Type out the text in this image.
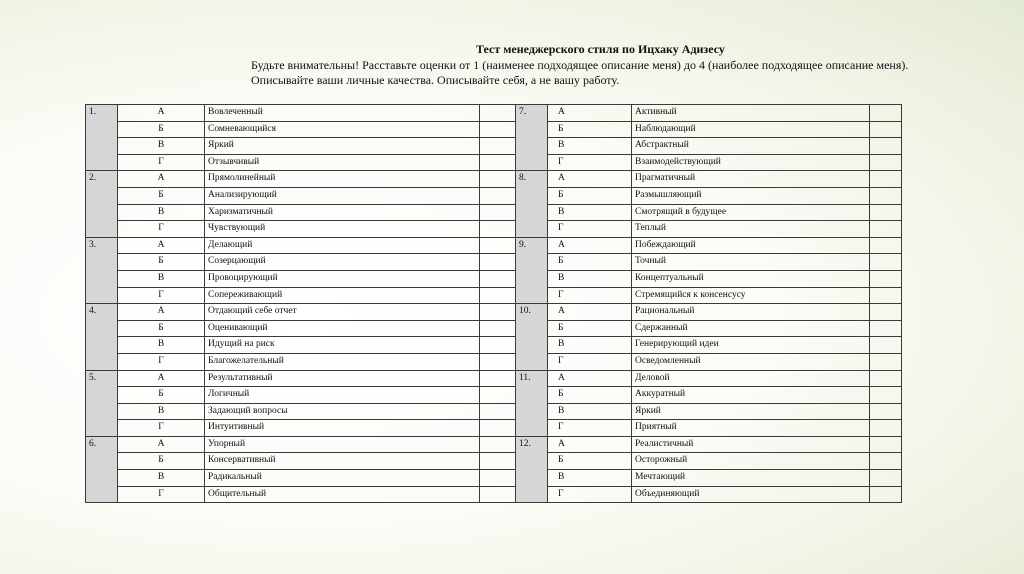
Тест менеджерского стиля по Ицхаку Адизесу
Будьте внимательны! Расставьте оценки от 1 (наименее подходящее описание меня) до 4 (наиболее подходящее описание меня).
Описывайте ваши личные качества. Описывайте себя, а не вашу работу.
1.	А	Вовлеченный		7.	А	Активный	
	Б	Сомневающийся			Б	Наблюдающий	
	В	Яркий			В	Абстрактный	
	Г	Отзывчивый			Г	Взаимодействующий	
2.	А	Прямолинейный		8.	А	Прагматичный	
	Б	Анализирующий			Б	Размышляющий	
	В	Харизматичный			В	Смотрящий в будущее	
	Г	Чувствующий			Г	Теплый	
3.	А	Делающий		9.	А	Побеждающий	
	Б	Созерцающий			Б	Точный	
	В	Провоцирующий			В	Концептуальный	
	Г	Сопереживающий			Г	Стремящийся к консенсусу	
4.	А	Отдающий себе отчет		10.	А	Рациональный	
	Б	Оценивающий			Б	Сдержанный	
	В	Идущий на риск			В	Генерирующий идеи	
	Г	Благожелательный			Г	Осведомленный	
5.	А	Результативный		11.	А	Деловой	
	Б	Логичный			Б	Аккуратный	
	В	Задающий вопросы			В	Яркий	
	Г	Интуитивный			Г	Приятный	
6.	А	Упорный		12.	А	Реалистичный	
	Б	Консервативный			Б	Осторожный	
	В	Радикальный			В	Мечтающий	
	Г	Общительный			Г	Объединяющий	
